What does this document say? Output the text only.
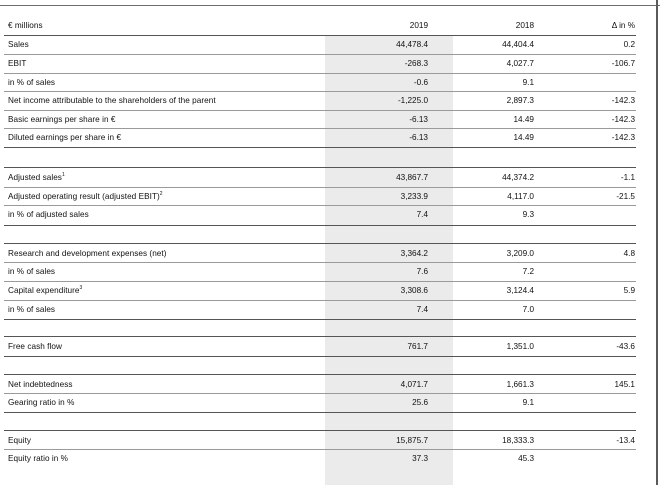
€ millions	2019	2018	Δ in %
Sales	44,478.4	44,404.4	0.2
EBIT	-268.3	4,027.7	-106.7
in % of sales	-0.6	9.1
Net income attributable to the shareholders of the parent	-1,225.0	2,897.3	-142.3
Basic earnings per share in €	-6.13	14.49	-142.3
Diluted earnings per share in €	-6.13	14.49	-142.3
Adjusted sales$^1$	43,867.7	44,374.2	-1.1
Adjusted operating result (adjusted EBIT)$^2$	3,233.9	4,117.0	-21.5
in % of adjusted sales	7.4	9.3
Research and development expenses (net)	3,364.2	3,209.0	4.8
in % of sales	7.6	7.2
Capital expenditure$^3$	3,308.6	3,124.4	5.9
in % of sales	7.4	7.0
Free cash flow	761.7	1,351.0	-43.6
Net indebtedness	4,071.7	1,661.3	145.1
Gearing ratio in %	25.6	9.1
Equity	15,875.7	18,333.3	-13.4
Equity ratio in %	37.3	45.3
